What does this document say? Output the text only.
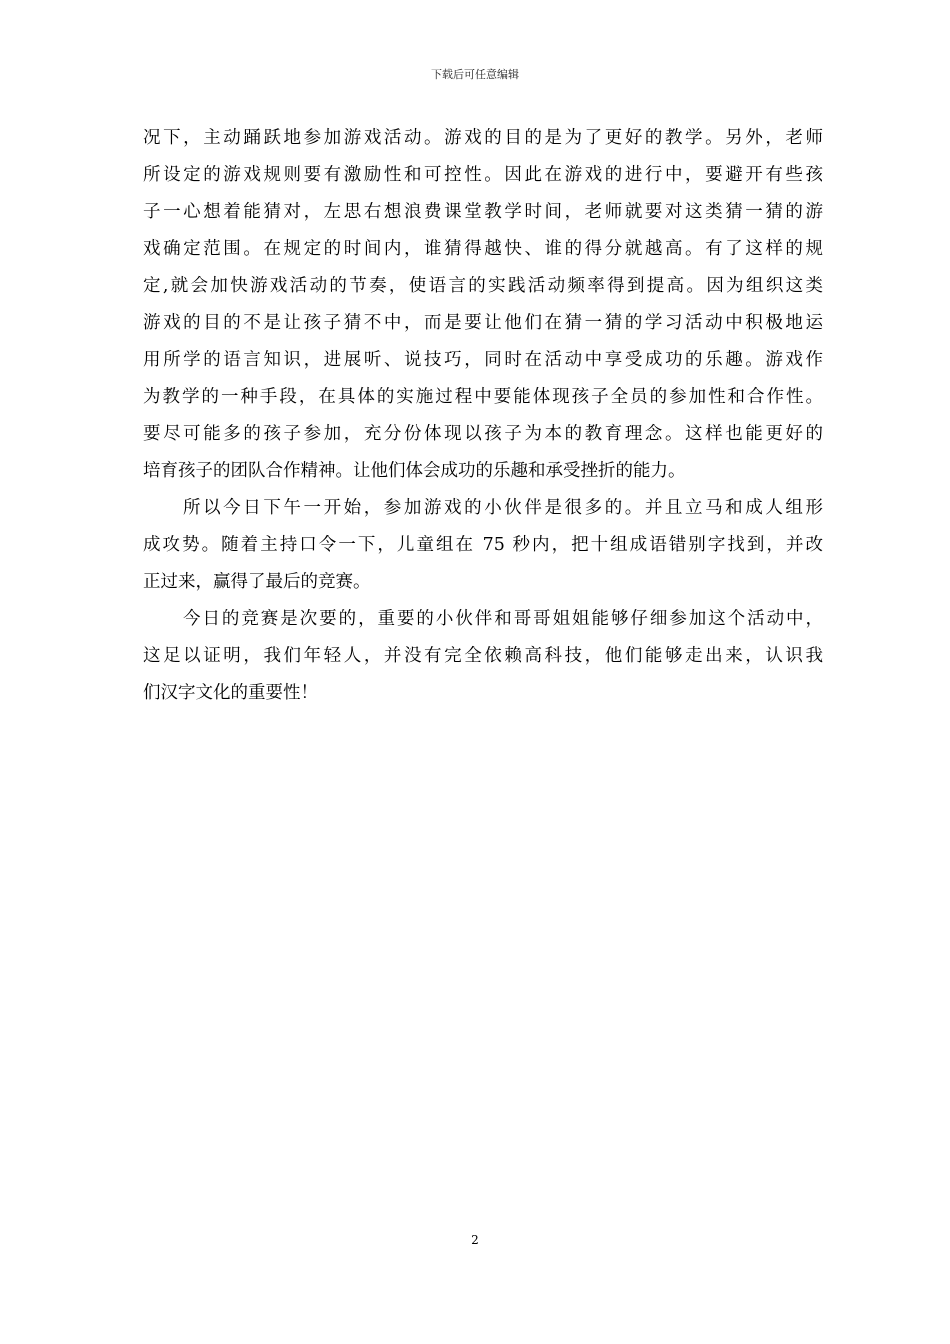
下载后可任意编辑

况下，主动踊跃地参加游戏活动。游戏的目的是为了更好的教学。另外，老师
所设定的游戏规则要有激励性和可控性。因此在游戏的进行中，要避开有些孩
子一心想着能猜对，左思右想浪费课堂教学时间，老师就要对这类猜一猜的游
戏确定范围。在规定的时间内，谁猜得越快、谁的得分就越高。有了这样的规
定,就会加快游戏活动的节奏，使语言的实践活动频率得到提高。因为组织这类
游戏的目的不是让孩子猜不中，而是要让他们在猜一猜的学习活动中积极地运
用所学的语言知识，进展听、说技巧，同时在活动中享受成功的乐趣。游戏作
为教学的一种手段，在具体的实施过程中要能体现孩子全员的参加性和合作性。
要尽可能多的孩子参加，充分份体现以孩子为本的教育理念。这样也能更好的
培育孩子的团队合作精神。让他们体会成功的乐趣和承受挫折的能力。

所以今日下午一开始，参加游戏的小伙伴是很多的。并且立马和成人组形
成攻势。随着主持口令一下，儿童组在 75 秒内，把十组成语错别字找到，并改
正过来，赢得了最后的竞赛。

今日的竞赛是次要的，重要的小伙伴和哥哥姐姐能够仔细参加这个活动中，
这足以证明，我们年轻人，并没有完全依赖高科技，他们能够走出来，认识我
们汉字文化的重要性！

2
